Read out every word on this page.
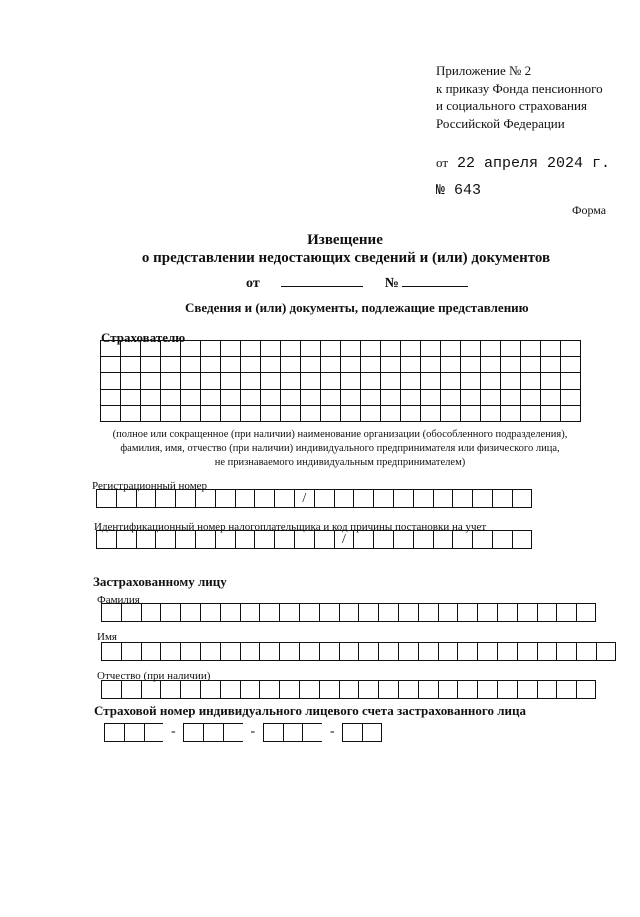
Приложение № 2
к приказу Фонда пенсионного
и социального страхования
Российской Федерации
от 22 апреля 2024 г.
№ 643
Форма
Извещение
о представлении недостающих сведений и (или) документов
от	№
Сведения и (или) документы, подлежащие представлению
Страхователю
(полное или сокращенное (при наличии) наименование организации (обособленного подразделения),
фамилия, имя, отчество (при наличии) индивидуального предпринимателя или физического лица,
не признаваемого индивидуальным предпринимателем)
Регистрационный номер
/
Идентификационный номер налогоплательщика и код причины постановки на учет
/
Застрахованному лицу
Фамилия
Имя
Отчество (при наличии)
Страховой номер индивидуального лицевого счета застрахованного лица
-	-	-
